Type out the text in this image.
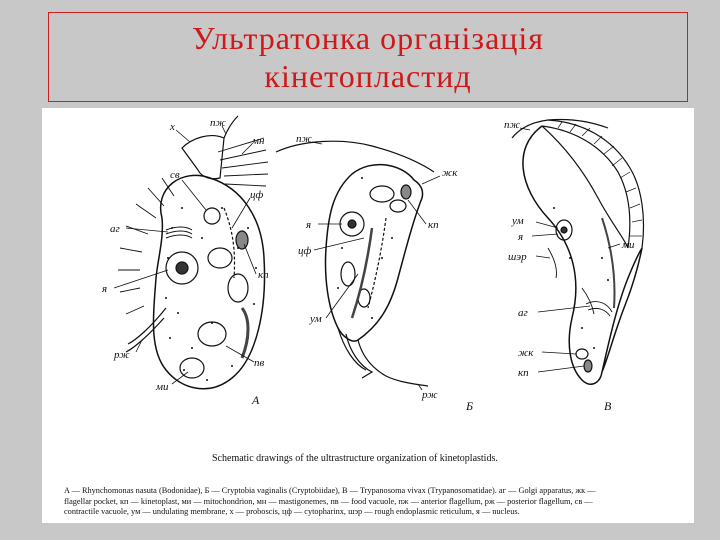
Ультратонка організація
кінетопластид
х	пж
мн
св
цф
аг
кп
я
рж
пв
ми
А
пж
жк
кп
я
цф
ум
рж
Б
пж
ум
я
шэр
ми
аг
жк
кп
В
Schematic drawings of the ultrastructure organization of kinetoplastids.
A — Rhynchomonas nasuta (Bodonidae), Б — Cryptobia vaginalis (Cryptobiidae), B — Trypanosoma vivax (Trypanosomatidae). аг — Golgi apparatus, жк —
flagellar pocket, кп — kinetoplast, ми — mitochondrion, мн — mastigonemes, пв — food vacuole, пж — anterior flagellum, рж — posterior flagellum, св —
contractile vacuole, ум — undulating membrane, х — proboscis, цф — cytopharinx, шэр — rough endoplasmic reticulum, я — nucleus.
